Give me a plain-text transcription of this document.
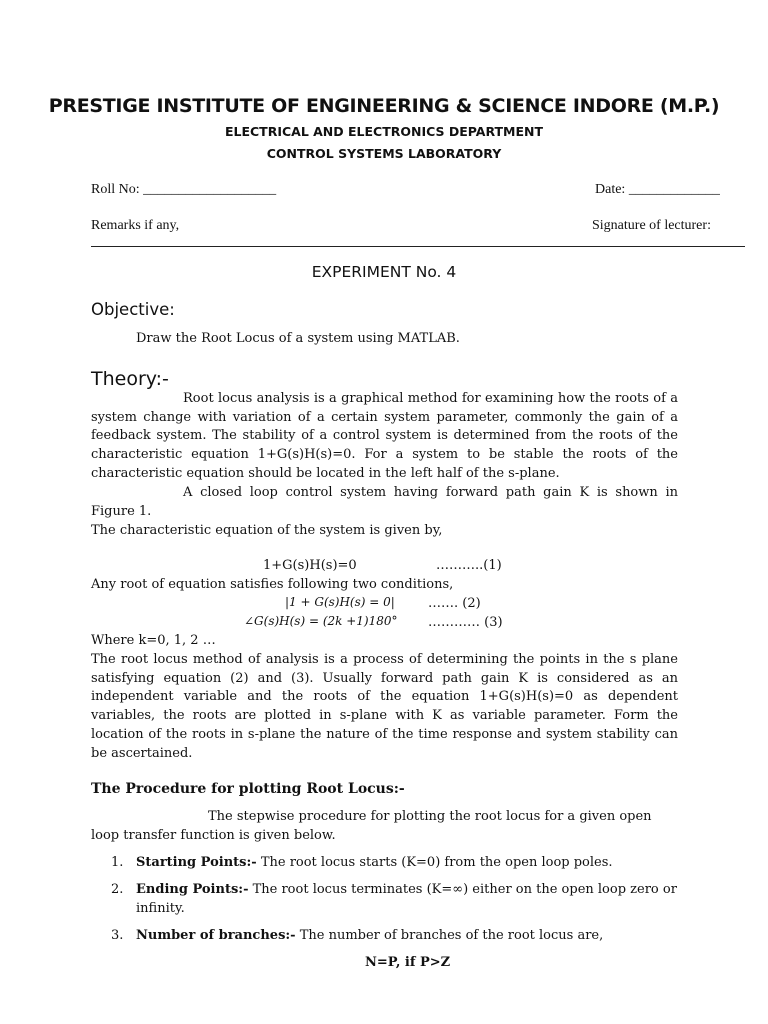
PRESTIGE INSTITUTE OF ENGINEERING & SCIENCE INDORE (M.P.)
ELECTRICAL AND ELECTRONICS DEPARTMENT
CONTROL SYSTEMS LABORATORY
Roll No: ___________________	Date: _____________
Remarks if any,	Signature of lecturer:
EXPERIMENT No. 4
Objective:
Draw the Root Locus of a system using MATLAB.
Theory:-

Root locus analysis is a graphical method for examining how the roots of a system change with variation of a certain system parameter, commonly the gain of a feedback system. The stability of a control system is determined from the roots of the characteristic equation 1+G(s)H(s)=0. For a system to be stable the roots of the characteristic equation should be located in the left half of the s-plane.

A closed loop control system having forward path gain K is shown in Figure 1.

The characteristic equation of the system is given by,

1+G(s)H(s)=0	………..(1)
Any root of equation satisfies following two conditions,
|1 + G(s)H(s) = 0|	……. (2)
∠G(s)H(s) = (2k +1)180° ………… (3)
Where k=0, 1, 2 …

The root locus method of analysis is a process of determining the points in the s plane satisfying equation (2) and (3). Usually forward path gain K is considered as an independent variable and the roots of the equation 1+G(s)H(s)=0 as dependent variables, the roots are plotted in s-plane with K as variable parameter. Form the location of the roots in s-plane the nature of the time response and system stability can be ascertained.

The Procedure for plotting Root Locus:-
The stepwise procedure for plotting the root locus for a given open
loop transfer function is given below.
1. Starting Points:- The root locus starts (K=0) from the open loop poles.
2. Ending Points:- The root locus terminates (K=∞) either on the open loop zero or infinity.
3. Number of branches:- The number of branches of the root locus are,
N=P, if P>Z
